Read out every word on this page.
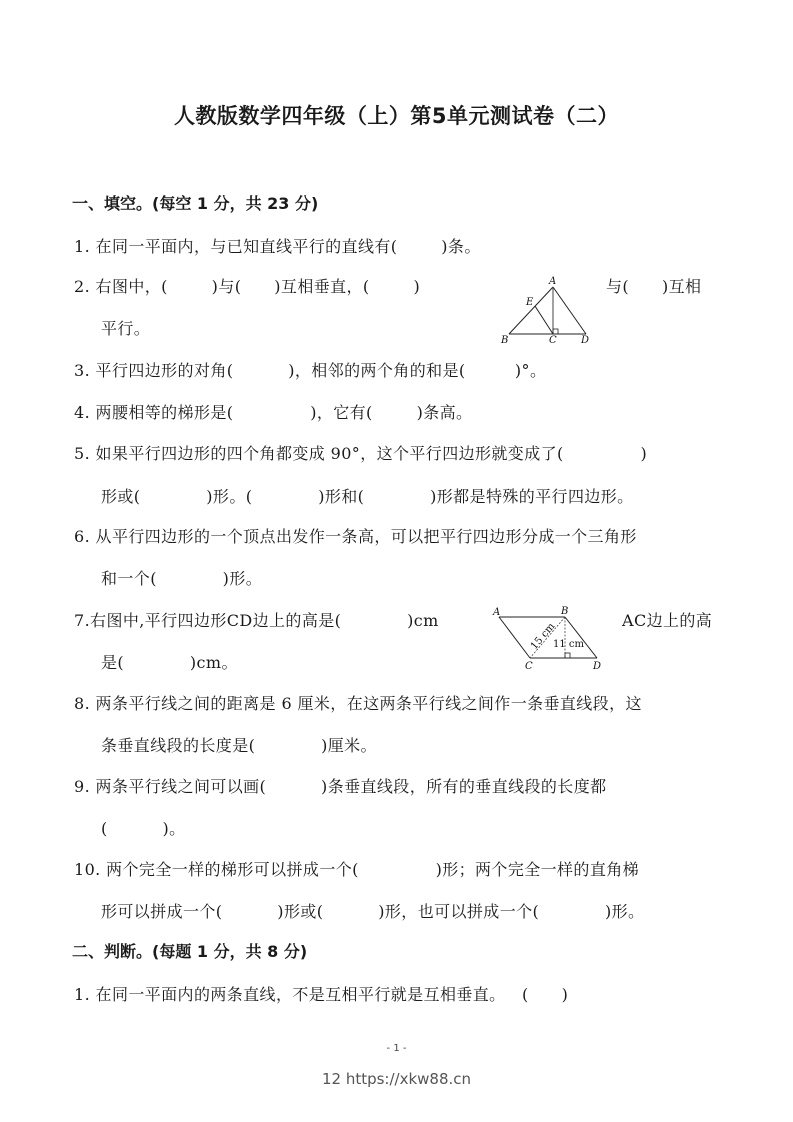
人教版数学四年级（上）第5单元测试卷（二）
一、填空。(每空 1 分，共 23 分)
1. 在同一平面内，与已知直线平行的直线有(        )条。
2. 右图中，(        )与(      )互相垂直，(        )	与(      )互相
平行。
A
E
B	C D
3. 平行四边形的对角(          )，相邻的两个角的和是(         )°。
4. 两腰相等的梯形是(              )，它有(        )条高。
5. 如果平行四边形的四个角都变成 90°，这个平行四边形就变成了(              )
形或(            )形。(            )形和(            )形都是特殊的平行四边形。
6. 从平行四边形的一个顶点出发作一条高，可以把平行四边形分成一个三角形
和一个(            )形。
7.右图中,平行四边形CD边上的高是(            )cm	AC边上的高
是(            )cm。
A	B
C	D
15 cm
11 cm
8. 两条平行线之间的距离是 6 厘米，在这两条平行线之间作一条垂直线段，这
条垂直线段的长度是(            )厘米。
9. 两条平行线之间可以画(          )条垂直线段，所有的垂直线段的长度都
(          )。
10. 两个完全一样的梯形可以拼成一个(              )形；两个完全一样的直角梯
形可以拼成一个(          )形或(          )形，也可以拼成一个(            )形。
二、判断。(每题 1 分，共 8 分)
1. 在同一平面内的两条直线，不是互相平行就是互相垂直。   (      )
- 1 -
12 https://xkw88.cn
